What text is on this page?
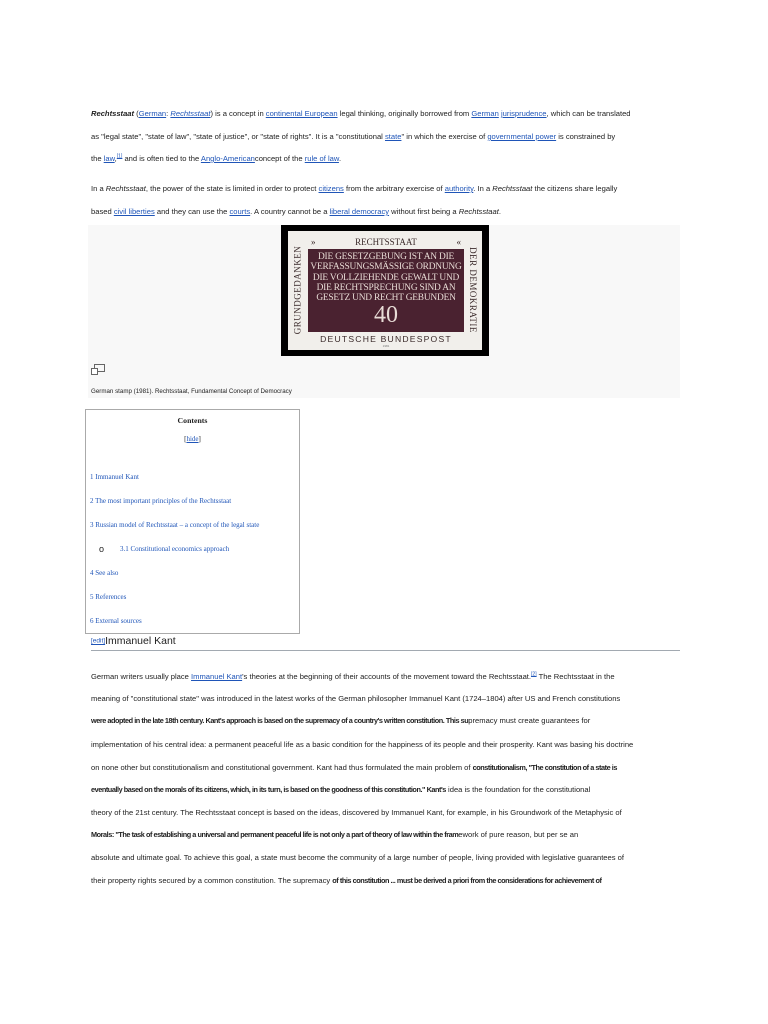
Rechtsstaat (German: Rechtsstaat) is a concept in continental European legal thinking, originally borrowed from German jurisprudence, which can be translated
as "legal state", "state of law", "state of justice", or "state of rights". It is a "constitutional state" in which the exercise of governmental power is constrained by
the law,[1] and is often tied to the Anglo-Americanconcept of the rule of law.
In a Rechtsstaat, the power of the state is limited in order to protect citizens from the arbitrary exercise of authority. In a Rechtsstaat the citizens share legally
based civil liberties and they can use the courts. A country cannot be a liberal democracy without first being a Rechtsstaat.
GRUNDGEDANKEN	DER DEMOKRATIE
»	RECHTSSTAAT	«
DIE GESETZGEBUNG IST AN DIE
VERFASSUNGSMÄSSIGE ORDNUNG
DIE VOLLZIEHENDE GEWALT UND
DIE RECHTSPRECHUNG SIND AN
GESETZ UND RECHT GEBUNDEN
40
DEUTSCHE BUNDESPOST
1981
German stamp (1981). Rechtsstaat, Fundamental Concept of Democracy
Contents
[hide]
1 Immanuel Kant
2 The most important principles of the Rechtsstaat
3 Russian model of Rechtsstaat – a concept of the legal state
o 3.1 Constitutional economics approach
4 See also
5 References
6 External sources
[edit]Immanuel Kant
German writers usually place Immanuel Kant's theories at the beginning of their accounts of the movement toward the Rechtsstaat.[2] The Rechtsstaat in the
meaning of "constitutional state" was introduced in the latest works of the German philosopher Immanuel Kant (1724–1804) after US and French constitutions
were adopted in the late 18th century. Kant's approach is based on the supremacy of a country's written constitution. This supremacy must create guarantees for
implementation of his central idea: a permanent peaceful life as a basic condition for the happiness of its people and their prosperity. Kant was basing his doctrine
on none other but constitutionalism and constitutional government. Kant had thus formulated the main problem of constitutionalism, "The constitution of a state is
eventually based on the morals of its citizens, which, in its turn, is based on the goodness of this constitution." Kant's idea is the foundation for the constitutional
theory of the 21st century. The Rechtsstaat concept is based on the ideas, discovered by Immanuel Kant, for example, in his Groundwork of the Metaphysic of
Morals: "The task of establishing a universal and permanent peaceful life is not only a part of theory of law within the framework of pure reason, but per se an
absolute and ultimate goal. To achieve this goal, a state must become the community of a large number of people, living provided with legislative guarantees of
their property rights secured by a common constitution. The supremacy of this constitution ... must be derived a priori from the considerations for achievement of
